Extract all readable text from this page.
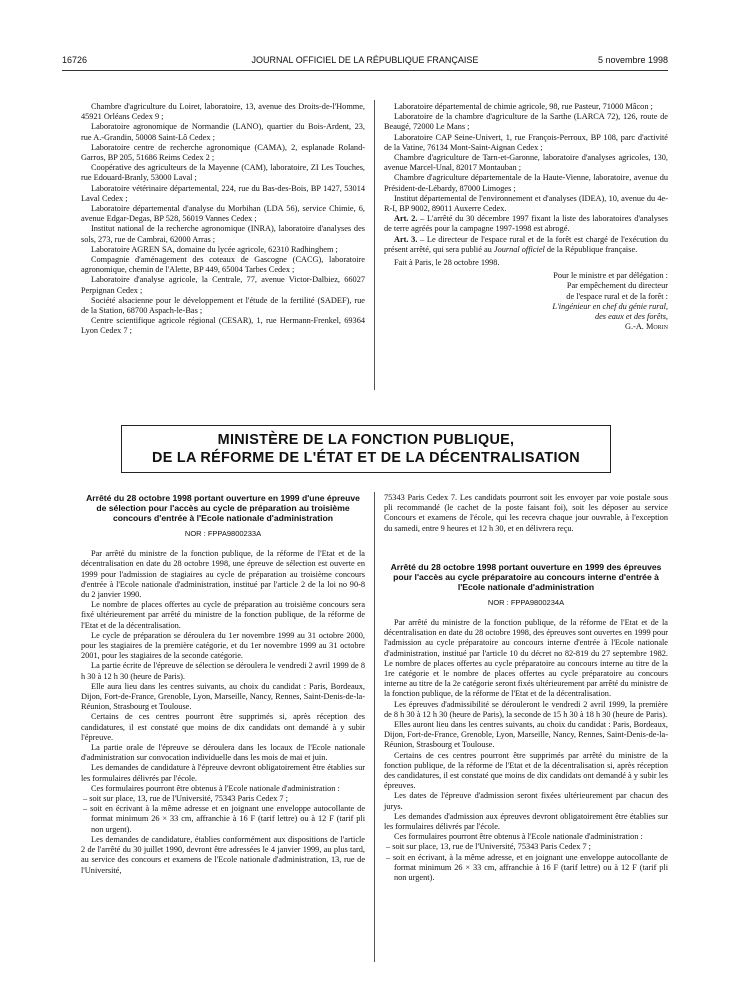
16726	JOURNAL OFFICIEL DE LA RÉPUBLIQUE FRANÇAISE	5 novembre 1998

Chambre d'agriculture du Loiret, laboratoire, 13, avenue des Droits-de-l'Homme, 45921 Orléans Cedex 9 ;

Laboratoire agronomique de Normandie (LANO), quartier du Bois-Ardent, 23, rue A.-Grandin, 50008 Saint-Lô Cedex ;

Laboratoire centre de recherche agronomique (CAMA), 2, esplanade Roland-Garros, BP 205, 51686 Reims Cedex 2 ;

Coopérative des agriculteurs de la Mayenne (CAM), laboratoire, ZI Les Touches, rue Edouard-Branly, 53000 Laval ;

Laboratoire vétérinaire départemental, 224, rue du Bas-des-Bois, BP 1427, 53014 Laval Cedex ;

Laboratoire départemental d'analyse du Morbihan (LDA 56), service Chimie, 6, avenue Edgar-Degas, BP 528, 56019 Vannes Cedex ;

Institut national de la recherche agronomique (INRA), laboratoire d'analyses des sols, 273, rue de Cambrai, 62000 Arras ;

Laboratoire AGREN SA, domaine du lycée agricole, 62310 Radhinghem ;

Compagnie d'aménagement des coteaux de Gascogne (CACG), laboratoire agronomique, chemin de l'Alette, BP 449, 65004 Tarbes Cedex ;

Laboratoire d'analyse agricole, la Centrale, 77, avenue Victor-Dalbiez, 66027 Perpignan Cedex ;

Société alsacienne pour le développement et l'étude de la fertilité (SADEF), rue de la Station, 68700 Aspach-le-Bas ;

Centre scientifique agricole régional (CESAR), 1, rue Hermann-Frenkel, 69364 Lyon Cedex 7 ;

Laboratoire départemental de chimie agricole, 98, rue Pasteur, 71000 Mâcon ;

Laboratoire de la chambre d'agriculture de la Sarthe (LARCA 72), 126, route de Beaugé, 72000 Le Mans ;

Laboratoire CAP Seine-Univert, 1, rue François-Perroux, BP 108, parc d'activité de la Vatine, 76134 Mont-Saint-Aignan Cedex ;

Chambre d'agriculture de Tarn-et-Garonne, laboratoire d'analyses agricoles, 130, avenue Marcel-Unal, 82017 Montauban ;

Chambre d'agriculture départementale de la Haute-Vienne, laboratoire, avenue du Président-de-Lébardy, 87000 Limoges ;

Institut départemental de l'environnement et d'analyses (IDEA), 10, avenue du 4e-R-I, BP 9002, 89011 Auxerre Cedex.

Art. 2. – L'arrêté du 30 décembre 1997 fixant la liste des laboratoires d'analyses de terre agréés pour la campagne 1997-1998 est abrogé.

Art. 3. – Le directeur de l'espace rural et de la forêt est chargé de l'exécution du présent arrêté, qui sera publié au Journal officiel de la République française.

Fait à Paris, le 28 octobre 1998.

Pour le ministre et par délégation :
Par empêchement du directeur
de l'espace rural et de la forêt :
L'ingénieur en chef du génie rural,
des eaux et des forêts,
G.-A. Morin
MINISTÈRE DE LA FONCTION PUBLIQUE,
DE LA RÉFORME DE L'ÉTAT ET DE LA DÉCENTRALISATION
Arrêté du 28 octobre 1998 portant ouverture en 1999 d'une épreuve de sélection pour l'accès au cycle de préparation au troisième concours d'entrée à l'Ecole nationale d'administration
NOR : FPPA9800233A

Par arrêté du ministre de la fonction publique, de la réforme de l'Etat et de la décentralisation en date du 28 octobre 1998, une épreuve de sélection est ouverte en 1999 pour l'admission de stagiaires au cycle de préparation au troisième concours d'entrée à l'Ecole nationale d'administration, institué par l'article 2 de la loi no 90-8 du 2 janvier 1990.

Le nombre de places offertes au cycle de préparation au troisième concours sera fixé ultérieurement par arrêté du ministre de la fonction publique, de la réforme de l'Etat et de la décentralisation.

Le cycle de préparation se déroulera du 1er novembre 1999 au 31 octobre 2000, pour les stagiaires de la première catégorie, et du 1er novembre 1999 au 31 octobre 2001, pour les stagiaires de la seconde catégorie.

La partie écrite de l'épreuve de sélection se déroulera le vendredi 2 avril 1999 de 8 h 30 à 12 h 30 (heure de Paris).

Elle aura lieu dans les centres suivants, au choix du candidat : Paris, Bordeaux, Dijon, Fort-de-France, Grenoble, Lyon, Marseille, Nancy, Rennes, Saint-Denis-de-la-Réunion, Strasbourg et Toulouse.

Certains de ces centres pourront être supprimés si, après réception des candidatures, il est constaté que moins de dix candidats ont demandé à y subir l'épreuve.

La partie orale de l'épreuve se déroulera dans les locaux de l'Ecole nationale d'administration sur convocation individuelle dans les mois de mai et juin.

Les demandes de candidature à l'épreuve devront obligatoirement être établies sur les formulaires délivrés par l'école.

Ces formulaires pourront être obtenus à l'Ecole nationale d'administration :

– soit sur place, 13, rue de l'Université, 75343 Paris Cedex 7 ;

– soit en écrivant à la même adresse et en joignant une enveloppe autocollante de format minimum 26 × 33 cm, affranchie à 16 F (tarif lettre) ou à 12 F (tarif pli non urgent).

Les demandes de candidature, établies conformément aux dispositions de l'article 2 de l'arrêté du 30 juillet 1990, devront être adressées le 4 janvier 1999, au plus tard, au service des concours et examens de l'Ecole nationale d'administration, 13, rue de l'Université,

75343 Paris Cedex 7. Les candidats pourront soit les envoyer par voie postale sous pli recommandé (le cachet de la poste faisant foi), soit les déposer au service Concours et examens de l'école, qui les recevra chaque jour ouvrable, à l'exception du samedi, entre 9 heures et 12 h 30, et en délivrera reçu.

Arrêté du 28 octobre 1998 portant ouverture en 1999 des épreuves pour l'accès au cycle préparatoire au concours interne d'entrée à l'Ecole nationale d'administration
NOR : FPPA9800234A

Par arrêté du ministre de la fonction publique, de la réforme de l'Etat et de la décentralisation en date du 28 octobre 1998, des épreuves sont ouvertes en 1999 pour l'admission au cycle préparatoire au concours interne d'entrée à l'Ecole nationale d'administration, institué par l'article 10 du décret no 82-819 du 27 septembre 1982. Le nombre de places offertes au cycle préparatoire au concours interne au titre de la 1re catégorie et le nombre de places offertes au cycle préparatoire au concours interne au titre de la 2e catégorie seront fixés ultérieurement par arrêté du ministre de la fonction publique, de la réforme de l'Etat et de la décentralisation.

Les épreuves d'admissibilité se dérouleront le vendredi 2 avril 1999, la première de 8 h 30 à 12 h 30 (heure de Paris), la seconde de 15 h 30 à 18 h 30 (heure de Paris).

Elles auront lieu dans les centres suivants, au choix du candidat : Paris, Bordeaux, Dijon, Fort-de-France, Grenoble, Lyon, Marseille, Nancy, Rennes, Saint-Denis-de-la-Réunion, Strasbourg et Toulouse.

Certains de ces centres pourront être supprimés par arrêté du ministre de la fonction publique, de la réforme de l'Etat et de la décentralisation si, après réception des candidatures, il est constaté que moins de dix candidats ont demandé à y subir les épreuves.

Les dates de l'épreuve d'admission seront fixées ultérieurement par chacun des jurys.

Les demandes d'admission aux épreuves devront obligatoirement être établies sur les formulaires délivrés par l'école.

Ces formulaires pourront être obtenus à l'Ecole nationale d'administration :

– soit sur place, 13, rue de l'Université, 75343 Paris Cedex 7 ;

– soit en écrivant, à la même adresse, et en joignant une enveloppe autocollante de format minimum 26 × 33 cm, affranchie à 16 F (tarif lettre) ou à 12 F (tarif pli non urgent).
